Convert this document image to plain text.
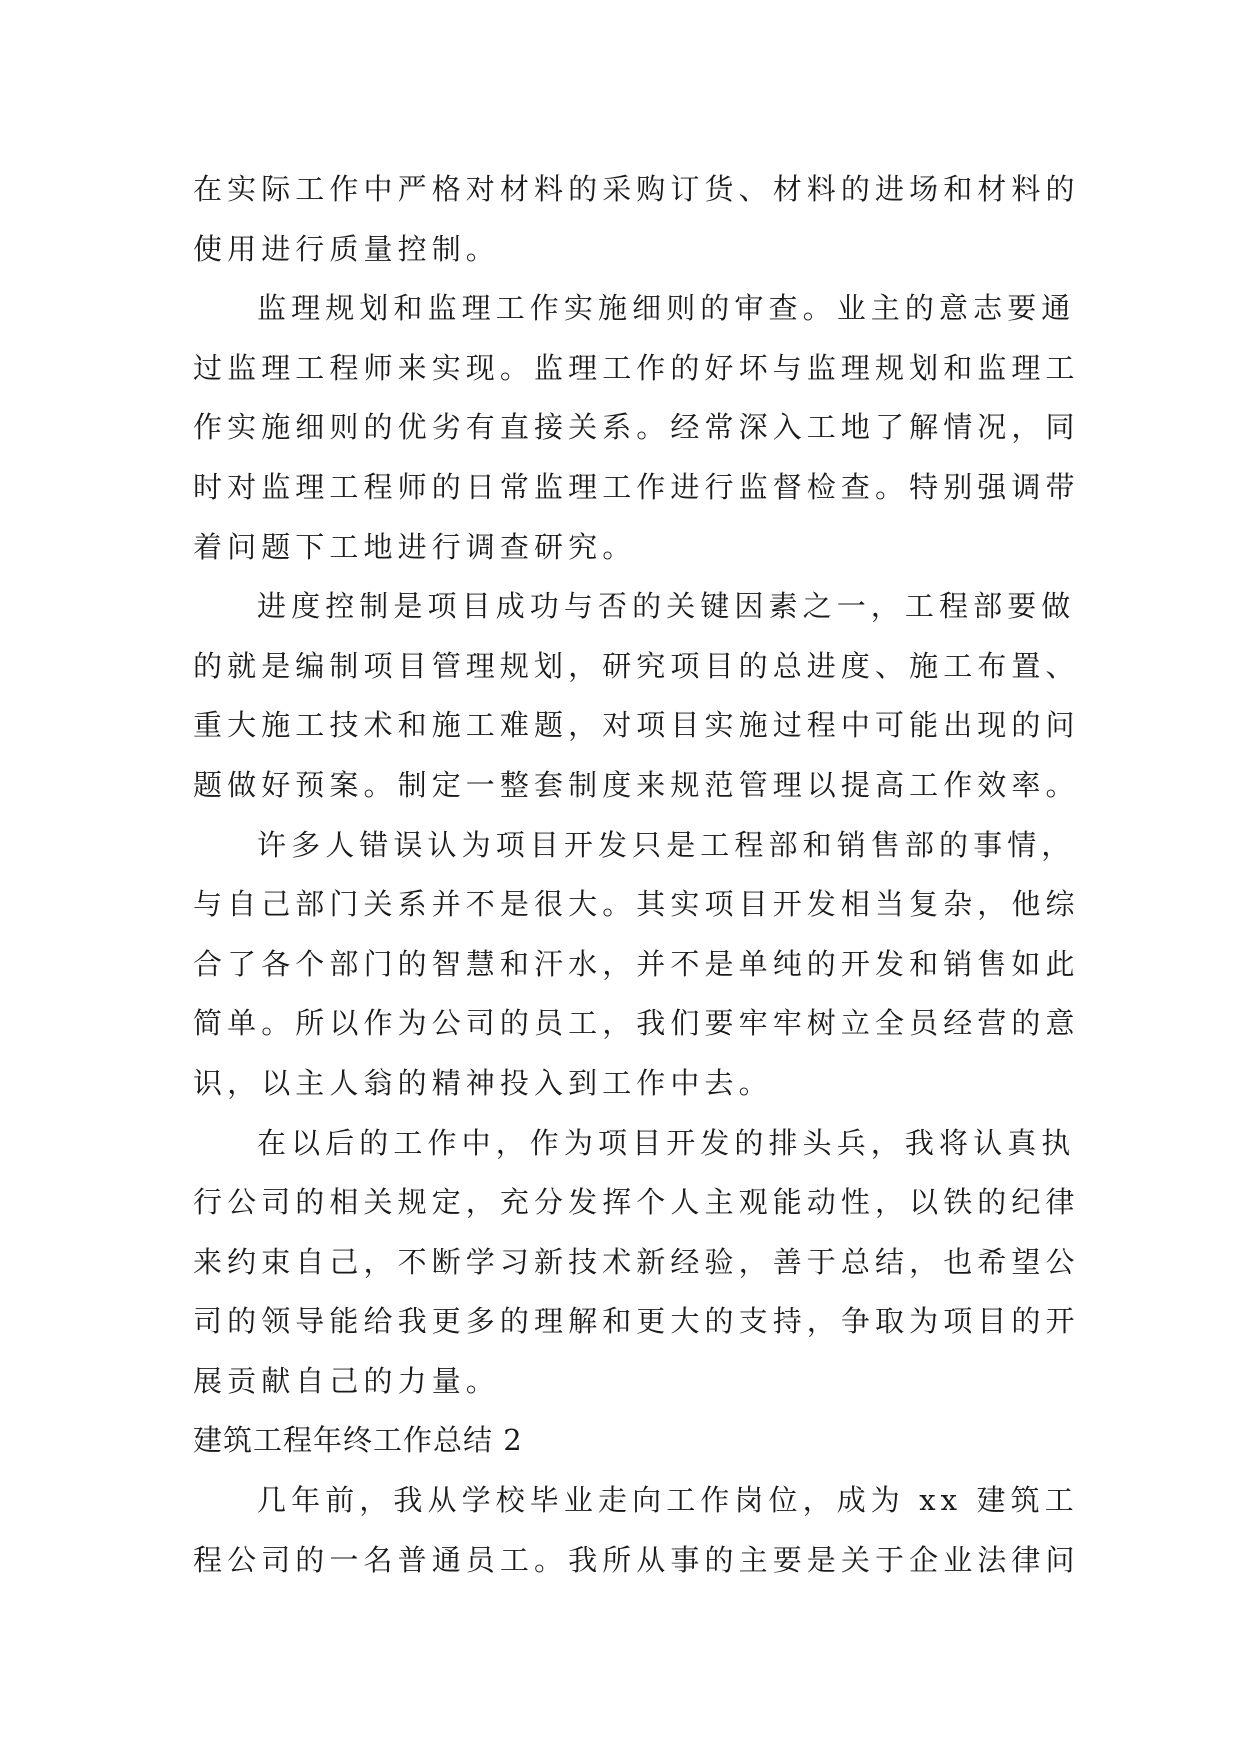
在实际工作中严格对材料的采购订货、材料的进场和材料的
使用进行质量控制。
监理规划和监理工作实施细则的审查。业主的意志要通
过监理工程师来实现。监理工作的好坏与监理规划和监理工
作实施细则的优劣有直接关系。经常深入工地了解情况，同
时对监理工程师的日常监理工作进行监督检查。特别强调带
着问题下工地进行调查研究。
进度控制是项目成功与否的关键因素之一，工程部要做
的就是编制项目管理规划，研究项目的总进度、施工布置、
重大施工技术和施工难题，对项目实施过程中可能出现的问
题做好预案。制定一整套制度来规范管理以提高工作效率。
许多人错误认为项目开发只是工程部和销售部的事情，
与自己部门关系并不是很大。其实项目开发相当复杂，他综
合了各个部门的智慧和汗水，并不是单纯的开发和销售如此
简单。所以作为公司的员工，我们要牢牢树立全员经营的意
识，以主人翁的精神投入到工作中去。
在以后的工作中，作为项目开发的排头兵，我将认真执
行公司的相关规定，充分发挥个人主观能动性，以铁的纪律
来约束自己，不断学习新技术新经验，善于总结，也希望公
司的领导能给我更多的理解和更大的支持，争取为项目的开
展贡献自己的力量。
建筑工程年终工作总结 2
几年前，我从学校毕业走向工作岗位，成为 xx 建筑工
程公司的一名普通员工。我所从事的主要是关于企业法律问
